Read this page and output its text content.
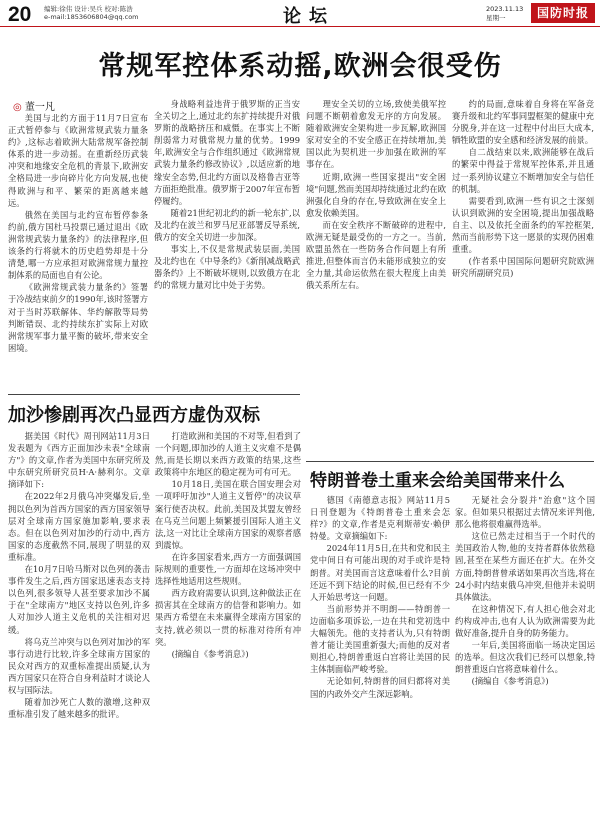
20 编辑:徐伟 设计:吴兵 校对:陈浩
e-mail:1853606804@qq.com	论坛	2023.11.13
星期一	国防时报
常规军控体系动摇,欧洲会很受伤
◎ 董一凡

美国与北约方面于11月7日宣布正式暂停参与《欧洲常规武装力量条约》,这标志着欧洲大陆常规军备控制体系的进一步动摇。在重新经历武装冲突和地缘安全危机的背景下,欧洲安全格局进一步向碎片化方向发展,也使得欧洲与和平、繁荣的距离越来越远。

俄然在美国与北约宣布暂停参条约前,俄方国杜马投票已通过退出《欧洲常规武装力量条约》的法律程序,但该条约行将就木的历史趋势却是十分清楚,哪一方应承担对欧洲常规力量控制体系的局面也自有公论。

《欧洲常规武装力量条约》签署于冷战结束前夕的1990年,该时签署方对于当时苏联解体、华约解散等局势判断错误、北约持续东扩实际上对欧洲常规军事力量平衡的破坏,带来安全困境。

身战略利益违背于俄罗斯的正当安全关切之上,通过北约东扩持续提升对俄罗斯的战略挤压和威慑。在事实上不断削弱常力对俄常规力量的优势。1999年,欧洲安全与合作组织通过《欧洲常规武装力量条约修改协议》,以适应新的地缘安全态势,但北约方面以及格鲁吉亚等方面拒绝批准。俄罗斯于2007年宣布暂停履约。

随着21世纪初北约的新一轮东扩,以及北约在波兰和罗马尼亚部署反导系统,俄方的安全关切进一步加深。

事实上,不仅是常规武装层面,美国及北约也在《中导条约》《新削减战略武器条约》上不断破坏规则,以致俄方在北约的常规力量对比中处于劣势。

理安全关切的立场,致使美俄军控问题不断朝着愈发无序的方向发展。随着欧洲安全架构进一步瓦解,欧洲国家对安全的不安全感正在持续增加,美国以此为契机进一步加强在欧洲的军事存在。

近期,欧洲一些国家提出"安全困境"问题,然而美国却持续通过北约在欧洲强化自身的存在,导致欧洲在安全上愈发依赖美国。

而在安全秩序不断破碎的进程中,欧洲无疑是最受伤的一方之一。当前,欧盟虽然在一些防务合作问题上有所推进,但整体而言仍未能形成独立的安全力量,其命运依然在很大程度上由美俄关系所左右。

约的局面,意味着自身将在军备竞赛升级和北约军事同盟框架的健康中充分脱身,并在这一过程中付出巨大成本,牺牲欧盟的安全感和经济发展的前景。

自二战结束以来,欧洲能够在战后的繁荣中得益于常规军控体系,并且通过一系列协议建立不断增加安全与信任的机制。

需要看到,欧洲一些有识之士深刻认识到欧洲的安全困境,提出加强战略自主、以及依托全面条约的军控框架,然而当前形势下这一愿景的实现仍困难重重。

(作者系中国国际问题研究院欧洲研究所副研究员)

加沙惨剧再次凸显西方虚伪双标

据美国《时代》周刊网站11月3日发表题为《西方正面加沙未表"全球南方"》的文章,作者为美国中东研究所及中东研究所研究员H·A·赫利尔。文章摘译如下:

在2022年2月俄乌冲突爆发后,坐拥以色列为首西方国家的西方国家领导层对全球南方国家施加影响,要求表态。但在以色列对加沙的行动中,西方国家的态度截然不同,展现了明显的双重标准。

在10月7日哈马斯对以色列的袭击事件发生之后,西方国家迅速表态支持以色列,很多领导人甚至要求加沙不属于在"全球南方"地区支持以色列,许多人对加沙人道主义危机的关注相对迟缓。

将乌克兰冲突与以色列对加沙的军事行动进行比较,许多全球南方国家的民众对西方的双重标准提出质疑,认为西方国家只在符合自身利益时才谈论人权与国际法。

随着加沙死亡人数的激增,这种双重标准引发了越来越多的批评。

打造欧洲和美国的不对等,但看到了一个问题,即加沙的人道主义灾难不是偶然,而是长期以来西方政策的结果,这些政策将中东地区的稳定视为可有可无。

10月18日,美国在联合国安理会对一项呼吁加沙"人道主义暂停"的决议草案行使否决权。此前,美国及其盟友曾经在乌克兰问题上频繁援引国际人道主义法,这一对比让全球南方国家的观察者感到震惊。

在许多国家看来,西方一方面强调国际规则的重要性,一方面却在这场冲突中选择性地适用这些规则。

西方政府需要认识到,这种做法正在损害其在全球南方的信誉和影响力。如果西方希望在未来赢得全球南方国家的支持,就必须以一贯的标准对待所有冲突。

(摘编自《参考消息》)

特朗普卷土重来会给美国带来什么

德国《南德意志报》网站11月5日刊登题为《特朗普卷土重来会怎样?》的文章,作者是克利斯蒂安·赖伊特曼。文章摘编如下:

2024年11月5日,在共和党和民主党中间日有可能出现的对手或许是特朗普。对美国而言这意味着什么?目前还远不到下结论的时候,但已经有不少人开始思考这一问题。

当前形势并不明朗——特朗普一边面临多项诉讼,一边在共和党初选中大幅领先。他的支持者认为,只有特朗普才能让美国重新强大;而他的反对者则担心,特朗普重返白宫将让美国的民主体制面临严峻考验。

无论如何,特朗普的回归都将对美国的内政外交产生深远影响。

无疑社会分裂并"治愈"这个国家。但如果只根据过去情况来评判他,那么他将很难赢得选举。

这位已然走过相当于一个时代的美国政治人物,他的支持者群体依然稳固,甚至在某些方面还在扩大。在外交方面,特朗普曾承诺如果再次当选,将在24小时内结束俄乌冲突,但他并未说明具体做法。

在这种情况下,有人担心他会对北约构成冲击,也有人认为欧洲需要为此做好准备,提升自身的防务能力。

一年后,美国将面临一场决定国运的选举。但这次我们已经可以想象,特朗普重返白宫将意味着什么。

(摘编自《参考消息》)
